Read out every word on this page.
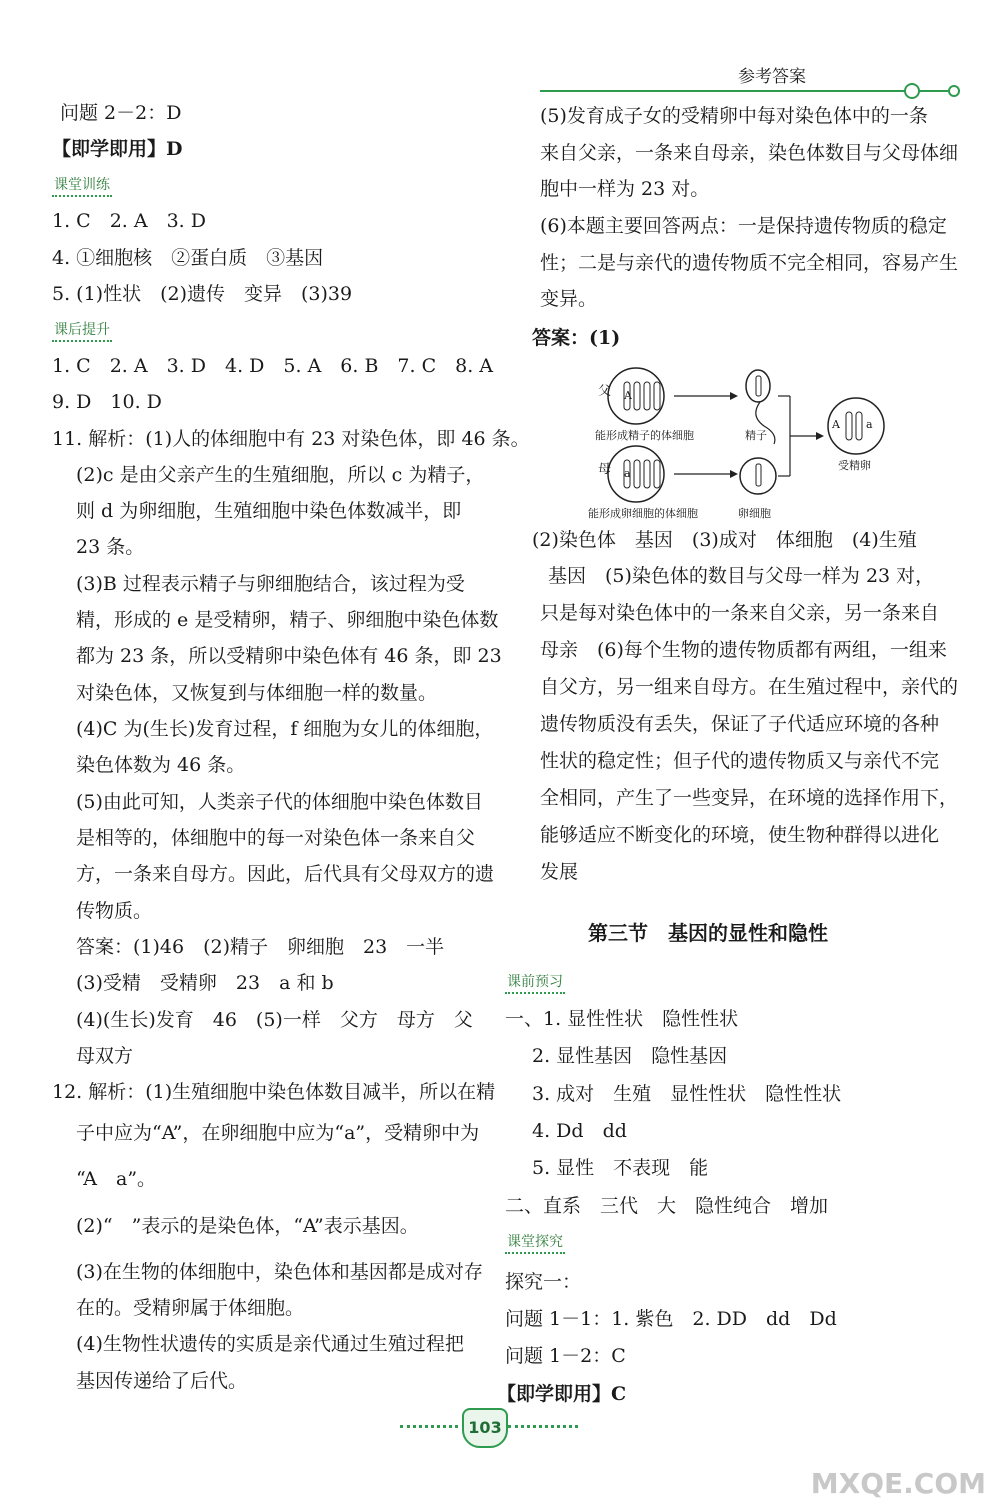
参考答案
问题 2－2：D
【即学即用】D
1. C　2. A　3. D
4. ①细胞核　②蛋白质　③基因
5. (1)性状　(2)遗传　变异　(3)39
1. C　2. A　3. D　4. D　5. A　6. B　7. C　8. A
9. D　10. D
11. 解析：(1)人的体细胞中有 23 对染色体，即 46 条。
(2)c 是由父亲产生的生殖细胞，所以 c 为精子，
则 d 为卵细胞，生殖细胞中染色体数减半，即
23 条。
(3)B 过程表示精子与卵细胞结合，该过程为受
精，形成的 e 是受精卵，精子、卵细胞中染色体数
都为 23 条，所以受精卵中染色体有 46 条，即 23
对染色体，又恢复到与体细胞一样的数量。
(4)C 为(生长)发育过程，f 细胞为女儿的体细胞，
染色体数为 46 条。
(5)由此可知，人类亲子代的体细胞中染色体数目
是相等的，体细胞中的每一对染色体一条来自父
方，一条来自母方。因此，后代具有父母双方的遗
传物质。
答案：(1)46　(2)精子　卵细胞　23　一半
(3)受精　受精卵　23　a 和 b
(4)(生长)发育　46　(5)一样　父方　母方　父
母双方
12. 解析：(1)生殖细胞中染色体数目减半，所以在精
子中应为“A”，在卵细胞中应为“a”，受精卵中为
“A　a”。
(2)“　”表示的是染色体，“A”表示基因。
(3)在生物的体细胞中，染色体和基因都是成对存
在的。受精卵属于体细胞。
(4)生物性状遗传的实质是亲代通过生殖过程把
基因传递给了后代。
课堂训练
课后提升
(5)发育成子女的受精卵中每对染色体中的一条
来自父亲，一条来自母亲，染色体数目与父母体细
胞中一样为 23 对。
(6)本题主要回答两点：一是保持遗传物质的稳定
性；二是与亲代的遗传物质不完全相同，容易产生
变异。
答案：(1)
(2)染色体　基因　(3)成对　体细胞　(4)生殖
基因　(5)染色体的数目与父母一样为 23 对，
只是每对染色体中的一条来自父亲，另一条来自
母亲　(6)每个生物的遗传物质都有两组，一组来
自父方，另一组来自母方。在生殖过程中，亲代的
遗传物质没有丢失，保证了子代适应环境的各种
性状的稳定性；但子代的遗传物质又与亲代不完
全相同，产生了一些变异，在环境的选择作用下，
能够适应不断变化的环境，使生物种群得以进化
发展
一、1. 显性性状　隐性性状
2. 显性基因　隐性基因
3. 成对　生殖　显性性状　隐性性状
4. Dd　dd
5. 显性　不表现　能
二、直系　三代　大　隐性纯合　增加
探究一：
问题 1－1：1. 紫色　2. DD　dd　Dd
问题 1－2：C
【即学即用】C
课前预习
课堂探究
第三节　基因的显性和隐性
父
母
A
a
A a
能形成精子的体细胞
能形成卵细胞的体细胞
精子
卵细胞
受精卵
103
MXQE.COM
